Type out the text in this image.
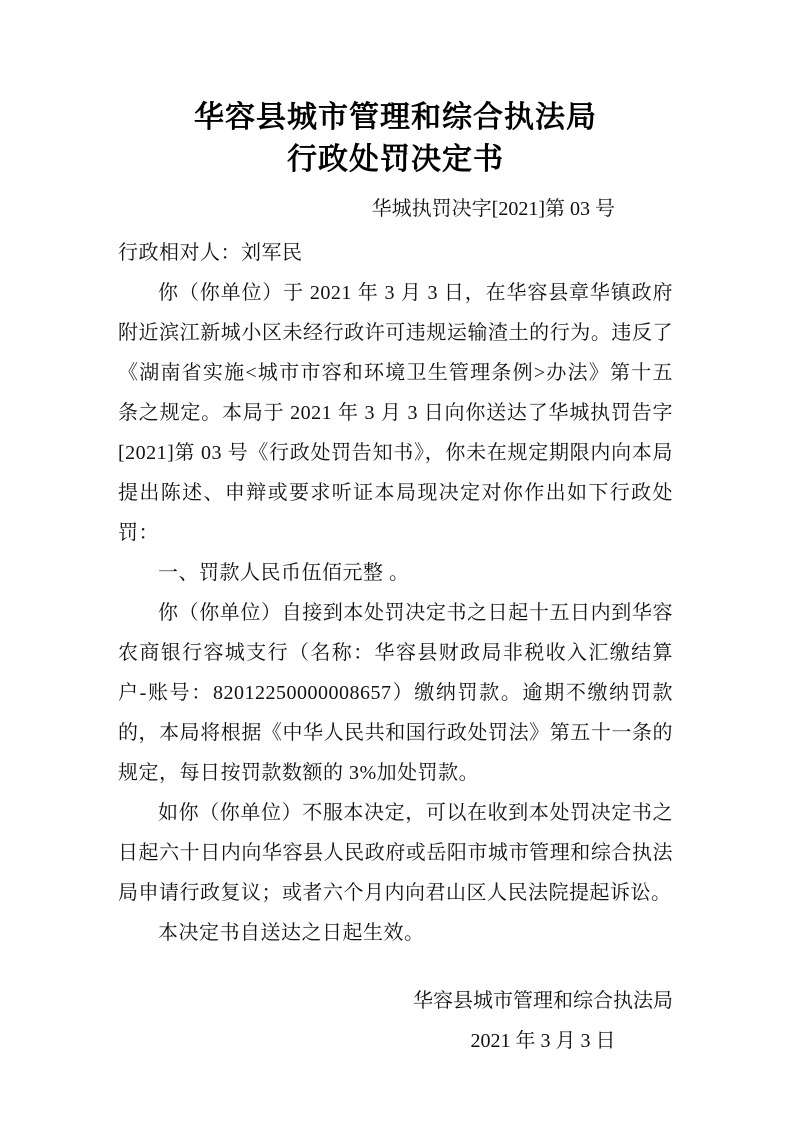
华容县城市管理和综合执法局
行政处罚决定书
华城执罚决字[2021]第 03 号

行政相对人：刘军民

你（你单位）于 2021 年 3 月 3 日，在华容县章华镇政府附近滨江新城小区未经行政许可违规运输渣土的行为。违反了《湖南省实施<城市市容和环境卫生管理条例>办法》第十五条之规定。本局于 2021 年 3 月 3 日向你送达了华城执罚告字[2021]第 03 号《行政处罚告知书》，你未在规定期限内向本局提出陈述、申辩或要求听证本局现决定对你作出如下行政处罚：

一、罚款人民币伍佰元整 。

你（你单位）自接到本处罚决定书之日起十五日内到华容农商银行容城支行（名称：华容县财政局非税收入汇缴结算户-账号：82012250000008657）缴纳罚款。逾期不缴纳罚款的，本局将根据《中华人民共和国行政处罚法》第五十一条的规定，每日按罚款数额的 3%加处罚款。

如你（你单位）不服本决定，可以在收到本处罚决定书之日起六十日内向华容县人民政府或岳阳市城市管理和综合执法局申请行政复议；或者六个月内向君山区人民法院提起诉讼。

本决定书自送达之日起生效。

华容县城市管理和综合执法局
2021 年 3 月 3 日
